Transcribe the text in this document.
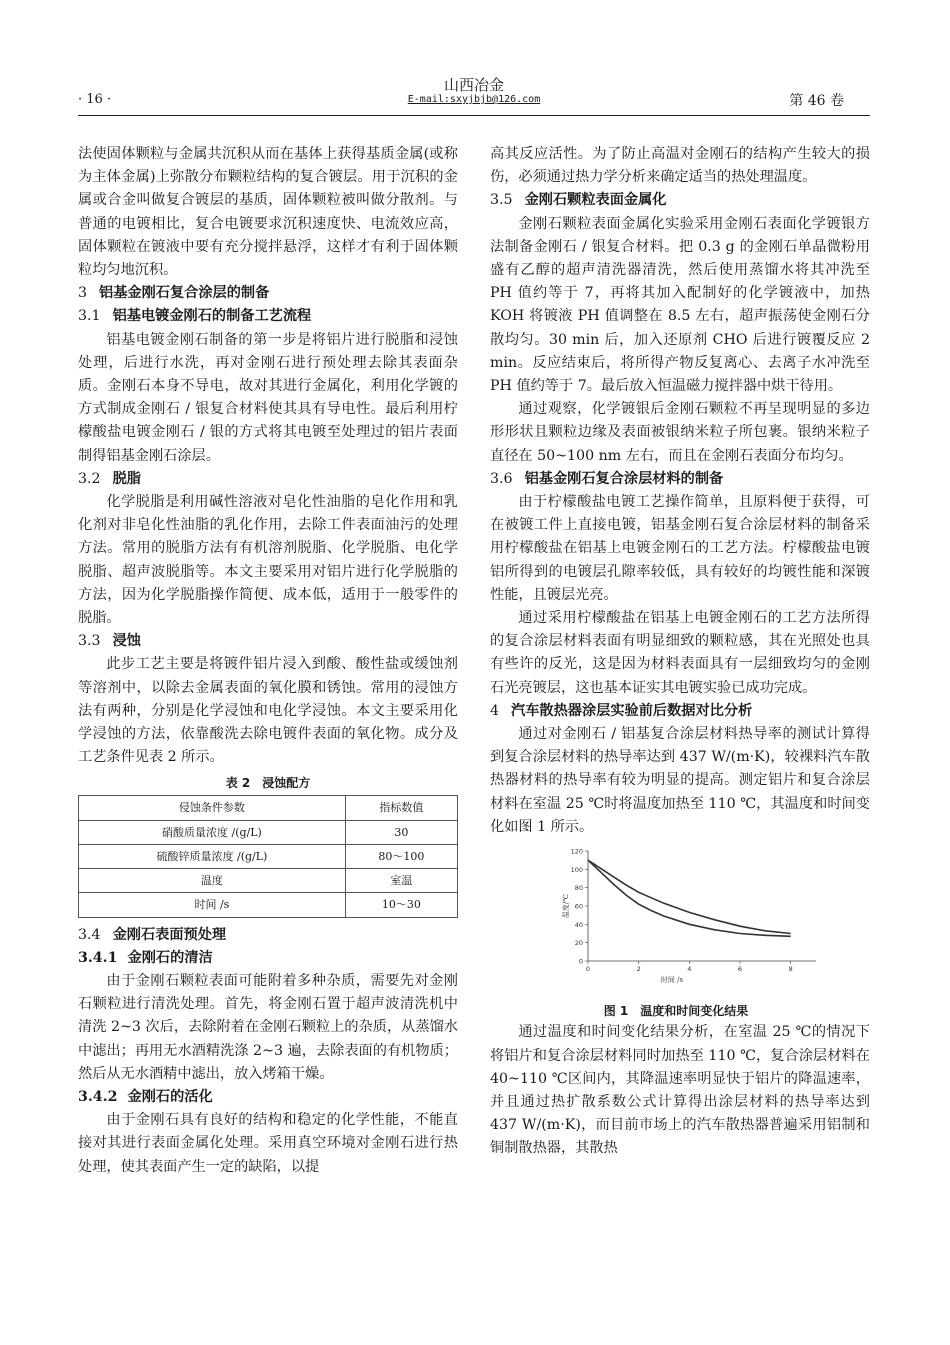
· 16 ·
山西冶金
E-mail:sxyjbjb@126.com	第 46 卷

法使固体颗粒与金属共沉积从而在基体上获得基质金属(或称为主体金属)上弥散分布颗粒结构的复合镀层。用于沉积的金属或合金叫做复合镀层的基质，固体颗粒被叫做分散剂。与普通的电镀相比，复合电镀要求沉积速度快、电流效应高，固体颗粒在镀液中要有充分搅拌悬浮，这样才有利于固体颗粒均匀地沉积。

3 铝基金刚石复合涂层的制备
3.1 铝基电镀金刚石的制备工艺流程

铝基电镀金刚石制备的第一步是将铝片进行脱脂和浸蚀处理，后进行水洗，再对金刚石进行预处理去除其表面杂质。金刚石本身不导电，故对其进行金属化，利用化学镀的方式制成金刚石 / 银复合材料使其具有导电性。最后利用柠檬酸盐电镀金刚石 / 银的方式将其电镀至处理过的铝片表面制得铝基金刚石涂层。

3.2 脱脂

化学脱脂是利用碱性溶液对皂化性油脂的皂化作用和乳化剂对非皂化性油脂的乳化作用，去除工件表面油污的处理方法。常用的脱脂方法有有机溶剂脱脂、化学脱脂、电化学脱脂、超声波脱脂等。本文主要采用对铝片进行化学脱脂的方法，因为化学脱脂操作简便、成本低，适用于一般零件的脱脂。

3.3 浸蚀

此步工艺主要是将镀件铝片浸入到酸、酸性盐或缓蚀剂等溶剂中，以除去金属表面的氧化膜和锈蚀。常用的浸蚀方法有两种，分别是化学浸蚀和电化学浸蚀。本文主要采用化学浸蚀的方法，依靠酸洗去除电镀件表面的氧化物。成分及工艺条件见表 2 所示。

表 2　浸蚀配方
侵蚀条件参数	指标数值
硝酸质量浓度 /(g/L)	30
硫酸锌质量浓度 /(g/L)	80～100
温度	室温
时间 /s	10～30
3.4 金刚石表面预处理
3.4.1 金刚石的清洁

由于金刚石颗粒表面可能附着多种杂质，需要先对金刚石颗粒进行清洗处理。首先，将金刚石置于超声波清洗机中清洗 2~3 次后，去除附着在金刚石颗粒上的杂质，从蒸馏水中滤出；再用无水酒精洗涤 2~3 遍，去除表面的有机物质；然后从无水酒精中滤出，放入烤箱干燥。

3.4.2 金刚石的活化

由于金刚石具有良好的结构和稳定的化学性能，不能直接对其进行表面金属化处理。采用真空环境对金刚石进行热处理，使其表面产生一定的缺陷，以提

高其反应活性。为了防止高温对金刚石的结构产生较大的损伤，必须通过热力学分析来确定适当的热处理温度。

3.5 金刚石颗粒表面金属化

金刚石颗粒表面金属化实验采用金刚石表面化学镀银方法制备金刚石 / 银复合材料。把 0.3 g 的金刚石单晶微粉用盛有乙醇的超声清洗器清洗，然后使用蒸馏水将其冲洗至 PH 值约等于 7，再将其加入配制好的化学镀液中，加热 KOH 将镀液 PH 值调整在 8.5 左右，超声振荡使金刚石分散均匀。30 min 后，加入还原剂 CHO 后进行镀覆反应 2 min。反应结束后，将所得产物反复离心、去离子水冲洗至 PH 值约等于 7。最后放入恒温磁力搅拌器中烘干待用。

通过观察，化学镀银后金刚石颗粒不再呈现明显的多边形形状且颗粒边缘及表面被银纳米粒子所包裹。银纳米粒子直径在 50~100 nm 左右，而且在金刚石表面分布均匀。

3.6 铝基金刚石复合涂层材料的制备

由于柠檬酸盐电镀工艺操作简单，且原料便于获得，可在被镀工件上直接电镀，铝基金刚石复合涂层材料的制备采用柠檬酸盐在铝基上电镀金刚石的工艺方法。柠檬酸盐电镀铝所得到的电镀层孔隙率较低，具有较好的均镀性能和深镀性能，且镀层光亮。

通过采用柠檬酸盐在铝基上电镀金刚石的工艺方法所得的复合涂层材料表面有明显细致的颗粒感，其在光照处也具有些许的反光，这是因为材料表面具有一层细致均匀的金刚石光亮镀层，这也基本证实其电镀实验已成功完成。

4 汽车散热器涂层实验前后数据对比分析

通过对金刚石 / 铝基复合涂层材料热导率的测试计算得到复合涂层材料的热导率达到 437 W/(m·K)，较裸料汽车散热器材料的热导率有较为明显的提高。测定铝片和复合涂层材料在室温 25 ℃时将温度加热至 110 ℃，其温度和时间变化如图 1 所示。

0
20
40
60
80
100
120
0	2	4	6	8
时间 /s
温度/℃
图 1　温度和时间变化结果

通过温度和时间变化结果分析，在室温 25 ℃的情况下将铝片和复合涂层材料同时加热至 110 ℃，复合涂层材料在 40~110 ℃区间内，其降温速率明显快于铝片的降温速率，并且通过热扩散系数公式计算得出涂层材料的热导率达到 437 W/(m·K)，而目前市场上的汽车散热器普遍采用铝制和铜制散热器，其散热
